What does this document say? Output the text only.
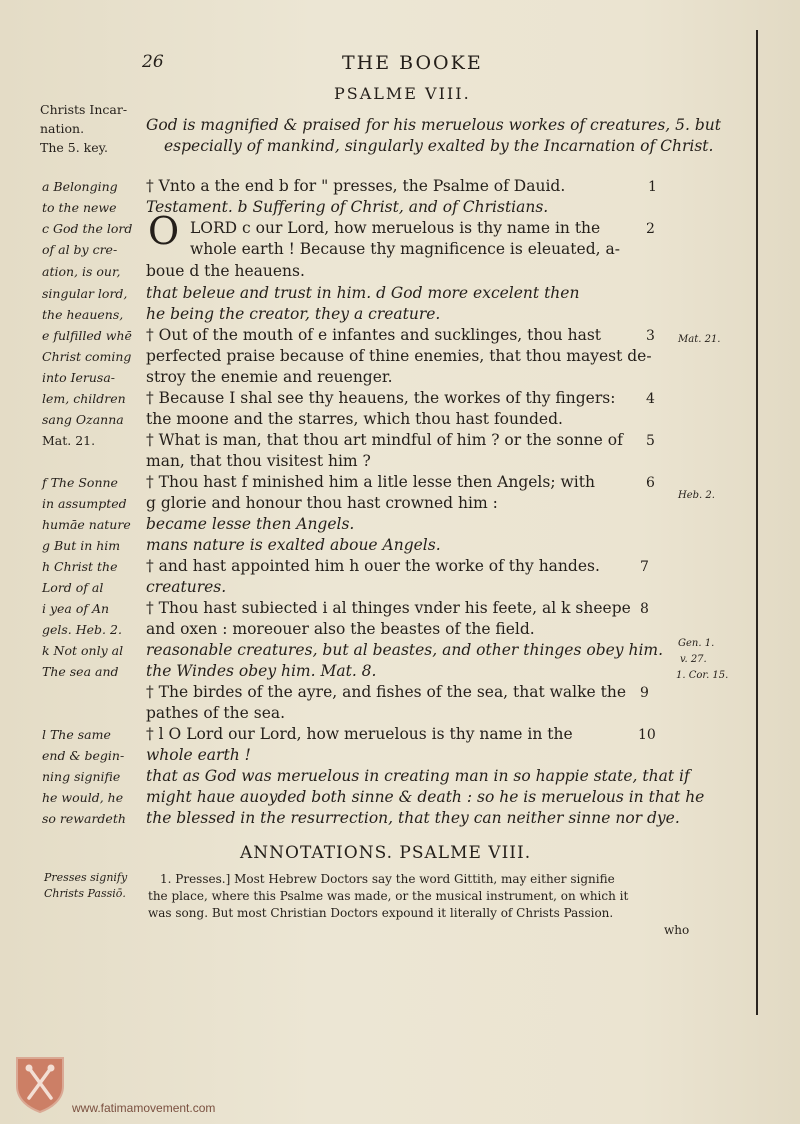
26	THE BOOKE
PSALME VIII.
Christs Incar-
nation.
The 5. key.
God is magnified & praised for his meruelous workes of creatures, 5. but
especially of mankind, singularly exalted by the Incarnation of Christ.
a Belonging
to the newe
c God the lord
of al by cre-
ation, is our,
singular lord,
the heauens,
e fulfilled whē
Christ coming
into Ierusa-
lem, children
sang Ozanna
Mat. 21.
f The Sonne
in assumpted
humāe nature
g But in him
h Christ the
Lord of al
i yea of An
gels. Heb. 2.
k Not only al
The sea and
l The same
end & begin-
ning signifie
he would, he
so rewardeth
O
† Vnto a the end b for " presses, the Psalme of Dauid.
Testament. b Suffering of Christ, and of Christians.
LORD c our Lord, how meruelous is thy name in the
whole earth ! Because thy magnificence is eleuated, a-
boue d the heauens.
that beleue and trust in him. d God more excelent then
he being the creator, they a creature.
† Out of the mouth of e infantes and sucklinges, thou hast
perfected praise because of thine enemies, that thou mayest de-
stroy the enemie and reuenger.
† Because I shal see thy heauens, the workes of thy fingers:
the moone and the starres, which thou hast founded.
† What is man, that thou art mindful of him ? or the sonne of
man, that thou visitest him ?
† Thou hast f minished him a litle lesse then Angels; with
g glorie and honour thou hast crowned him :
became lesse then Angels.
mans nature is exalted aboue Angels.
† and hast appointed him h ouer the worke of thy handes.
creatures.
† Thou hast subiected i al thinges vnder his feete, al k sheepe
and oxen : moreouer also the beastes of the field.
reasonable creatures, but al beastes, and other thinges obey him.
the Windes obey him. Mat. 8.
† The birdes of the ayre, and fishes of the sea, that walke the
pathes of the sea.
† l O Lord our Lord, how meruelous is thy name in the
whole earth !
that as God was meruelous in creating man in so happie state, that if
might haue auoyded both sinne & death : so he is meruelous in that he
the blessed in the resurrection, that they can neither sinne nor dye.
1
2
3
4
5
6
7
8
9
10
Mat. 21.
Heb. 2.
Gen. 1.
v. 27.
1. Cor. 15.
ANNOTATIONS. PSALME VIII.
Presses signify
Christs Passiō.
1. Presses.] Most Hebrew Doctors say the word Gittith, may either signifie
the place, where this Psalme was made, or the musical instrument, on which it
was song. But most Christian Doctors expound it literally of Christs Passion.
who
www.fatimamovement.com
